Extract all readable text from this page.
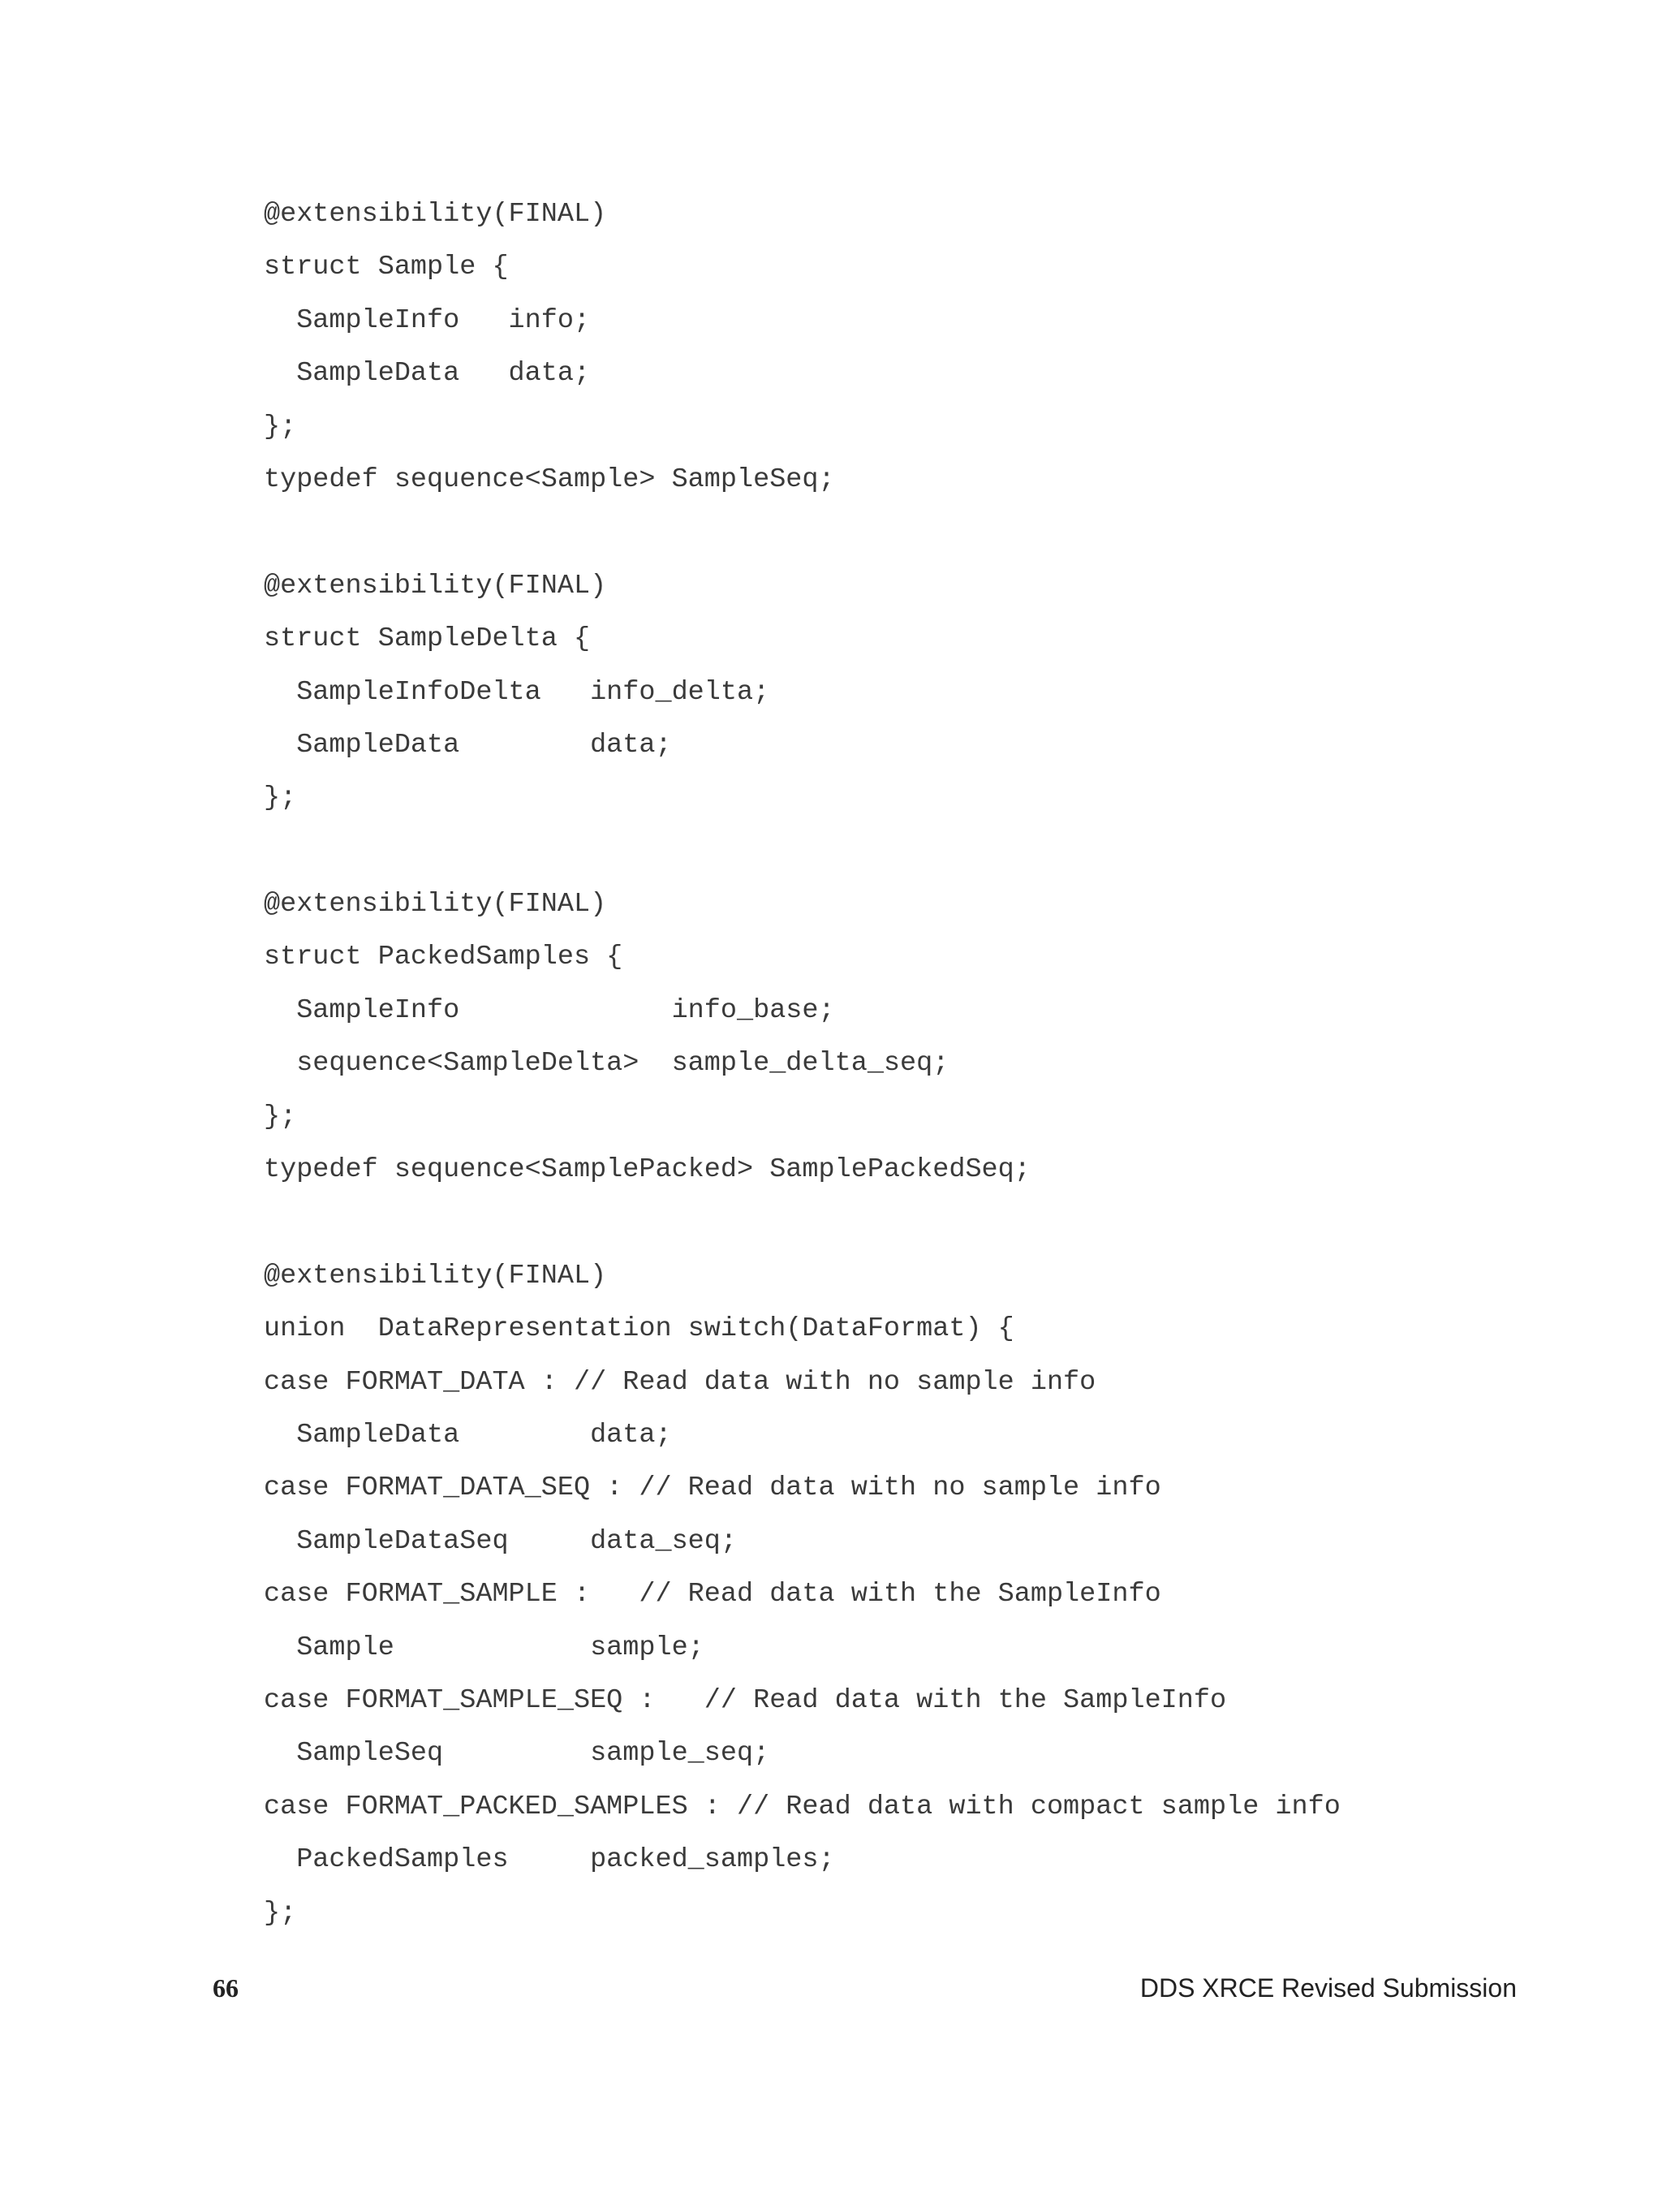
@extensibility(FINAL)
struct Sample {
SampleInfo   info;
SampleData   data;
};
typedef sequence<Sample> SampleSeq;
@extensibility(FINAL)
struct SampleDelta {
SampleInfoDelta   info_delta;
SampleData        data;
};
@extensibility(FINAL)
struct PackedSamples {
SampleInfo             info_base;
sequence<SampleDelta>  sample_delta_seq;
};
typedef sequence<SamplePacked> SamplePackedSeq;
@extensibility(FINAL)
union  DataRepresentation switch(DataFormat) {
case FORMAT_DATA : // Read data with no sample info
SampleData        data;
case FORMAT_DATA_SEQ : // Read data with no sample info
SampleDataSeq     data_seq;
case FORMAT_SAMPLE :   // Read data with the SampleInfo
Sample            sample;
case FORMAT_SAMPLE_SEQ :   // Read data with the SampleInfo
SampleSeq         sample_seq;
case FORMAT_PACKED_SAMPLES : // Read data with compact sample info
PackedSamples     packed_samples;
};
66	DDS XRCE Revised Submission
